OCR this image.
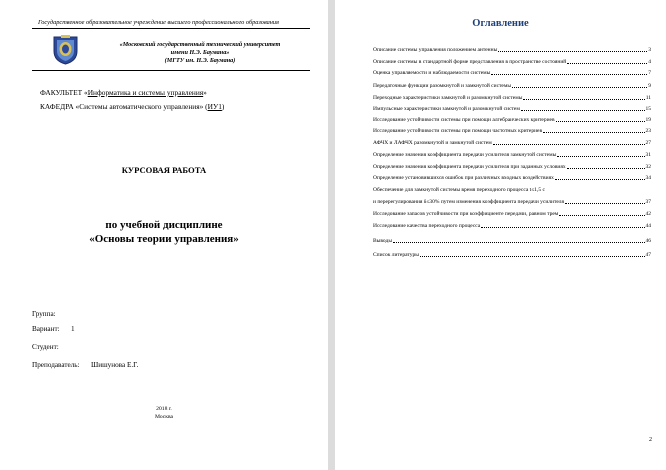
Государственное образовательное учреждение высшего профессионального образования
«Московский государственный технический университет
имени Н.Э. Баумана»
(МГТУ им. Н.Э. Баумана)
ФАКУЛЬТЕТ «Информатика и системы управления»
КАФЕДРА «Системы автоматического управления» (ИУ1)
КУРСОВАЯ РАБОТА
по учебной дисциплине
«Основы теории управления»
Группа:
Вариант: 1
Студент:
Преподаватель: Шишунова Е.Г.
2018 г.
Москва
Оглавление
Описание системы управления положением антенны	3
Описание системы в стандартной форме представления в пространстве состояний	4
Оценка управляемости и наблюдаемости системы	7
Передаточные функции разомкнутой и замкнутой системы	9
Переходные характеристики замкнутой и разомкнутой системы	11
Импульсные характеристики замкнутой и разомкнутой систем	15
Исследование устойчивости системы при помощи алгебраических критериев	19
Исследование устойчивости системы при помощи частотных критериев	23
АФЧХ и ЛАФЧХ разомкнутой и замкнутой систем	27
Определение значения коэффициента передачи усилителя замкнутой системы	31
Определение значения коэффициента передачи усилителя при заданных условиях	32
Определение установившихся ошибок при различных входных воздействиях	34
Обеспечение для замкнутой системы время переходного процесса t≤1,5 с
и перерегулирования δ≤30% путем изменения коэффициента передачи усилителя	37
Исследование запасов устойчивости при коэффициенте передачи, равном трем	42
Исследование качества переходного процесса	44
Выводы	46
Список литературы	47
2
